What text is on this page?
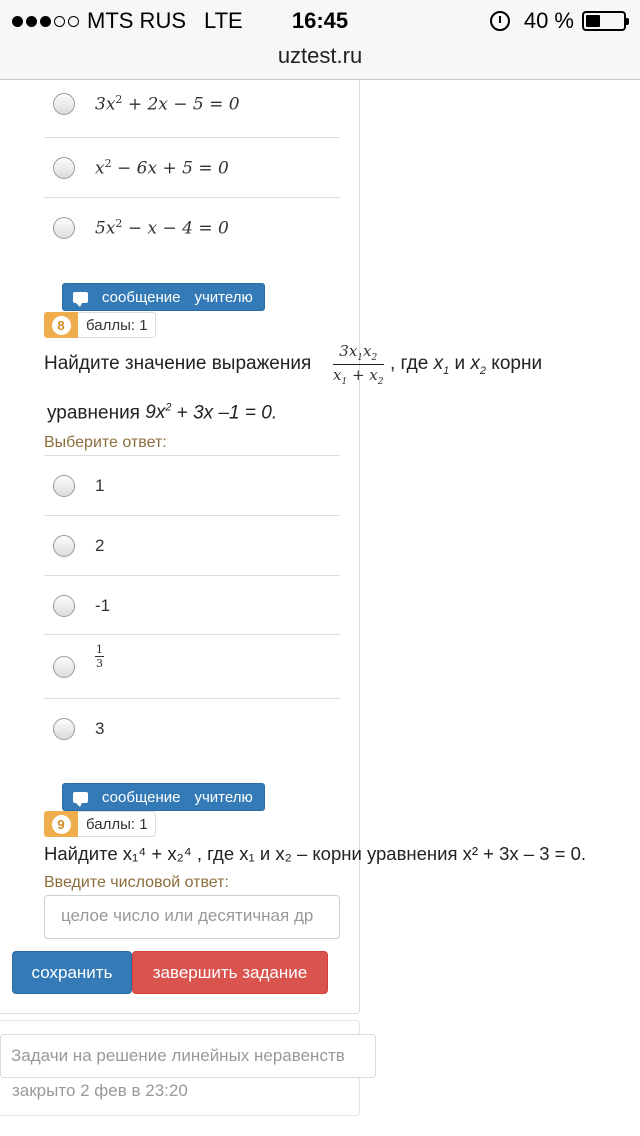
MTS RUS LTE	16:45	40 %
uztest.ru
$3x^2 + 2x - 5 = 0$
$x^2 - 6x + 5 = 0$
$5x^2 - x - 4 = 0$
сообщение учителю
8	баллы: 1
Найдите значение выражения $\frac{3x_1x_2}{x_1 + x_2}$ , где $x_1$ и $x_2$ корни
уравнения $9x^2 + 3x$ –1 = 0.
Выберите ответ:
1
2
-1
1
3
3
сообщение учителю
9	баллы: 1
Найдите x₁⁴ + x₂⁴ , где x₁ и x₂ – корни уравнения x² + 3x – 3 = 0.
Введите числовой ответ:
целое число или десятичная др
сохранить	завершить задание
Задачи на решение линейных неравенств
закрыто 2 фев в 23:20
